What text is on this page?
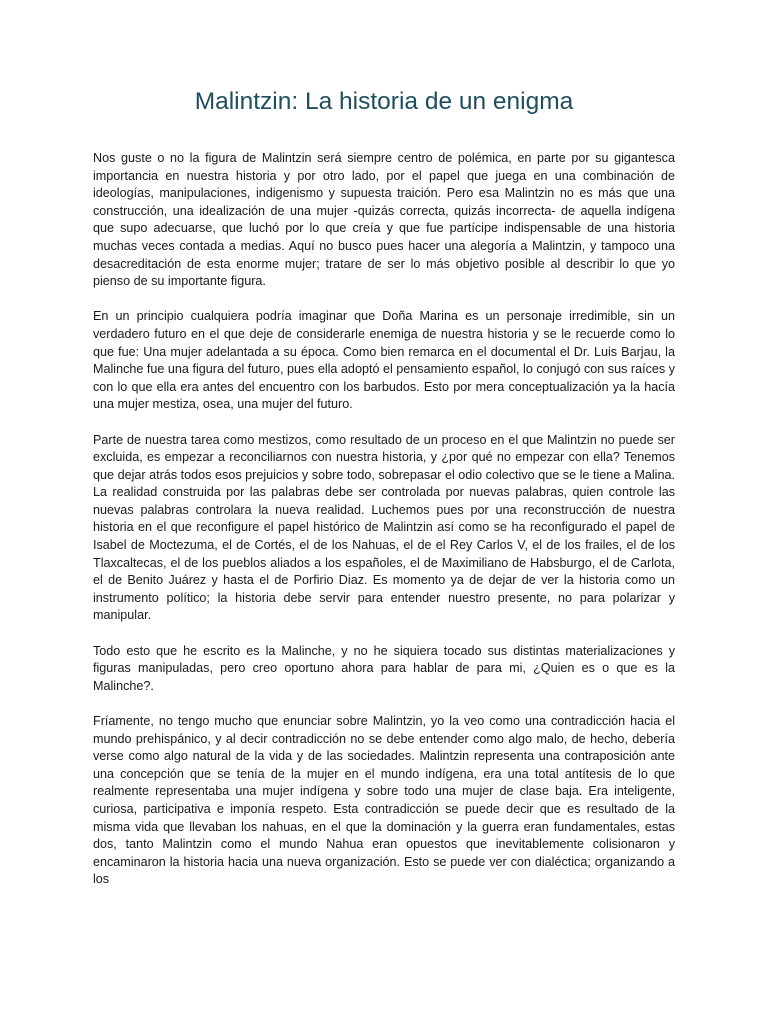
Malintzin: La historia de un enigma

Nos guste o no la figura de Malintzin será siempre centro de polémica, en parte por su gigantesca importancia en nuestra historia y por otro lado, por el papel que juega en una combinación de ideologías, manipulaciones, indigenismo y supuesta traición. Pero esa Malintzin no es más que una construcción, una idealización de una mujer -quizás correcta, quizás incorrecta- de aquella indígena que supo adecuarse, que luchó por lo que creía y que fue partícipe indispensable de una historia muchas veces contada a medias. Aquí no busco pues hacer una alegoría a Malintzin, y tampoco una desacreditación de esta enorme mujer; tratare de ser lo más objetivo posible al describir lo que yo pienso de su importante figura.

En un principio cualquiera podría imaginar que Doña Marina es un personaje irredimible, sin un verdadero futuro en el que deje de considerarle enemiga de nuestra historia y se le recuerde como lo que fue: Una mujer adelantada a su época. Como bien remarca en el documental el Dr. Luis Barjau, la Malinche fue una figura del futuro, pues ella adoptó el pensamiento español, lo conjugó con sus raíces y con lo que ella era antes del encuentro con los barbudos. Esto por mera conceptualización ya la hacía una mujer mestiza, osea, una mujer del futuro.

Parte de nuestra tarea como mestizos, como resultado de un proceso en el que Malintzin no puede ser excluida, es empezar a reconciliarnos con nuestra historia, y ¿por qué no empezar con ella? Tenemos que dejar atrás todos esos prejuicios y sobre todo, sobrepasar el odio colectivo que se le tiene a Malina. La realidad construida por las palabras debe ser controlada por nuevas palabras, quien controle las nuevas palabras controlara la nueva realidad. Luchemos pues por una reconstrucción de nuestra historia en el que reconfigure el papel histórico de Malintzin así como se ha reconfigurado el papel de Isabel de Moctezuma, el de Cortés, el de los Nahuas, el de el Rey Carlos V, el de los frailes, el de los Tlaxcaltecas, el de los pueblos aliados a los españoles, el de Maximiliano de Habsburgo, el de Carlota, el de Benito Juárez y hasta el de Porfirio Diaz. Es momento ya de dejar de ver la historia como un instrumento político; la historia debe servir para entender nuestro presente, no para polarizar y manipular.

Todo esto que he escrito es la Malinche, y no he siquiera tocado sus distintas materializaciones y figuras manipuladas, pero creo oportuno ahora para hablar de para mi, ¿Quien es o que es la Malinche?.

Fríamente, no tengo mucho que enunciar sobre Malintzin, yo la veo como una contradicción hacia el mundo prehispánico, y al decir contradicción no se debe entender como algo malo, de hecho, debería verse como algo natural de la vida y de las sociedades. Malintzin representa una contraposición ante una concepción que se tenía de la mujer en el mundo indígena, era una total antítesis de lo que realmente representaba una mujer indígena y sobre todo una mujer de clase baja. Era inteligente, curiosa, participativa e imponía respeto. Esta contradicción se puede decir que es resultado de la misma vida que llevaban los nahuas, en el que la dominación y la guerra eran fundamentales, estas dos, tanto Malintzin como el mundo Nahua eran opuestos que inevitablemente colisionaron y encaminaron la historia hacia una nueva organización. Esto se puede ver con dialéctica; organizando a los
